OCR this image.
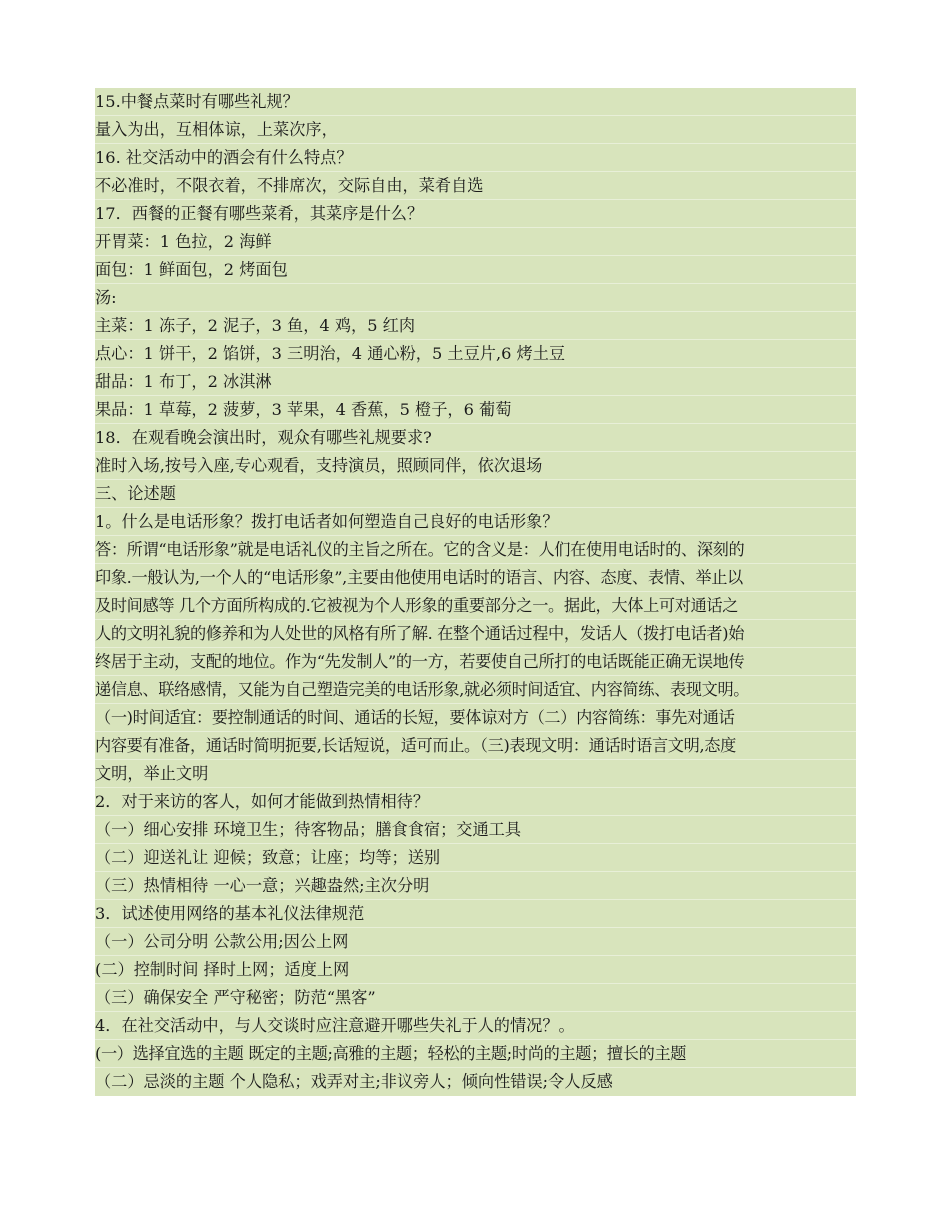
15.中餐点菜时有哪些礼规？
量入为出，互相体谅，上菜次序，
16. 社交活动中的酒会有什么特点？
不必准时，不限衣着，不排席次，交际自由，菜肴自选
17．西餐的正餐有哪些菜肴，其菜序是什么？
开胃菜：1 色拉，2 海鲜
面包：1 鲜面包，2 烤面包
汤:
主菜：1 冻子，2 泥子，3 鱼，4 鸡，5 红肉
点心：1 饼干，2 馅饼，3 三明治，4 通心粉，5 土豆片,6 烤土豆
甜品：1 布丁，2 冰淇淋
果品：1 草莓，2 菠萝，3 苹果，4 香蕉，5 橙子，6 葡萄
18．在观看晚会演出时，观众有哪些礼规要求?
准时入场,按号入座,专心观看，支持演员，照顾同伴，依次退场
三、论述题
1。什么是电话形象？拨打电话者如何塑造自己良好的电话形象？
答：所谓“电话形象”就是电话礼仪的主旨之所在。它的含义是：人们在使用电话时的、深刻的
印象.一般认为,一个人的“电话形象”,主要由他使用电话时的语言、内容、态度、表情、举止以
及时间感等 几个方面所构成的.它被视为个人形象的重要部分之一。据此，大体上可对通话之
人的文明礼貌的修养和为人处世的风格有所了解. 在整个通话过程中，发话人（拨打电话者)始
终居于主动，支配的地位。作为“先发制人”的一方，若要使自己所打的电话既能正确无误地传
递信息、联络感情，又能为自己塑造完美的电话形象,就必须时间适宜、内容简练、表现文明。
（一)时间适宜：要控制通话的时间、通话的长短，要体谅对方（二）内容简练：事先对通话
内容要有准备，通话时简明扼要,长话短说，适可而止。（三)表现文明：通话时语言文明,态度
文明，举止文明
2．对于来访的客人，如何才能做到热情相待？
（一）细心安排 环境卫生；待客物品；膳食食宿；交通工具
（二）迎送礼让 迎候；致意；让座；均等；送别
（三）热情相待 一心一意；兴趣盎然;主次分明
3．试述使用网络的基本礼仪法律规范
（一）公司分明 公款公用;因公上网
(二）控制时间 择时上网；适度上网
（三）确保安全 严守秘密；防范“黑客”
4．在社交活动中，与人交谈时应注意避开哪些失礼于人的情况？。
(一）选择宜选的主题 既定的主题;高雅的主题；轻松的主题;时尚的主题；擅长的主题
（二）忌淡的主题 个人隐私；戏弄对主;非议旁人；倾向性错误;令人反感
